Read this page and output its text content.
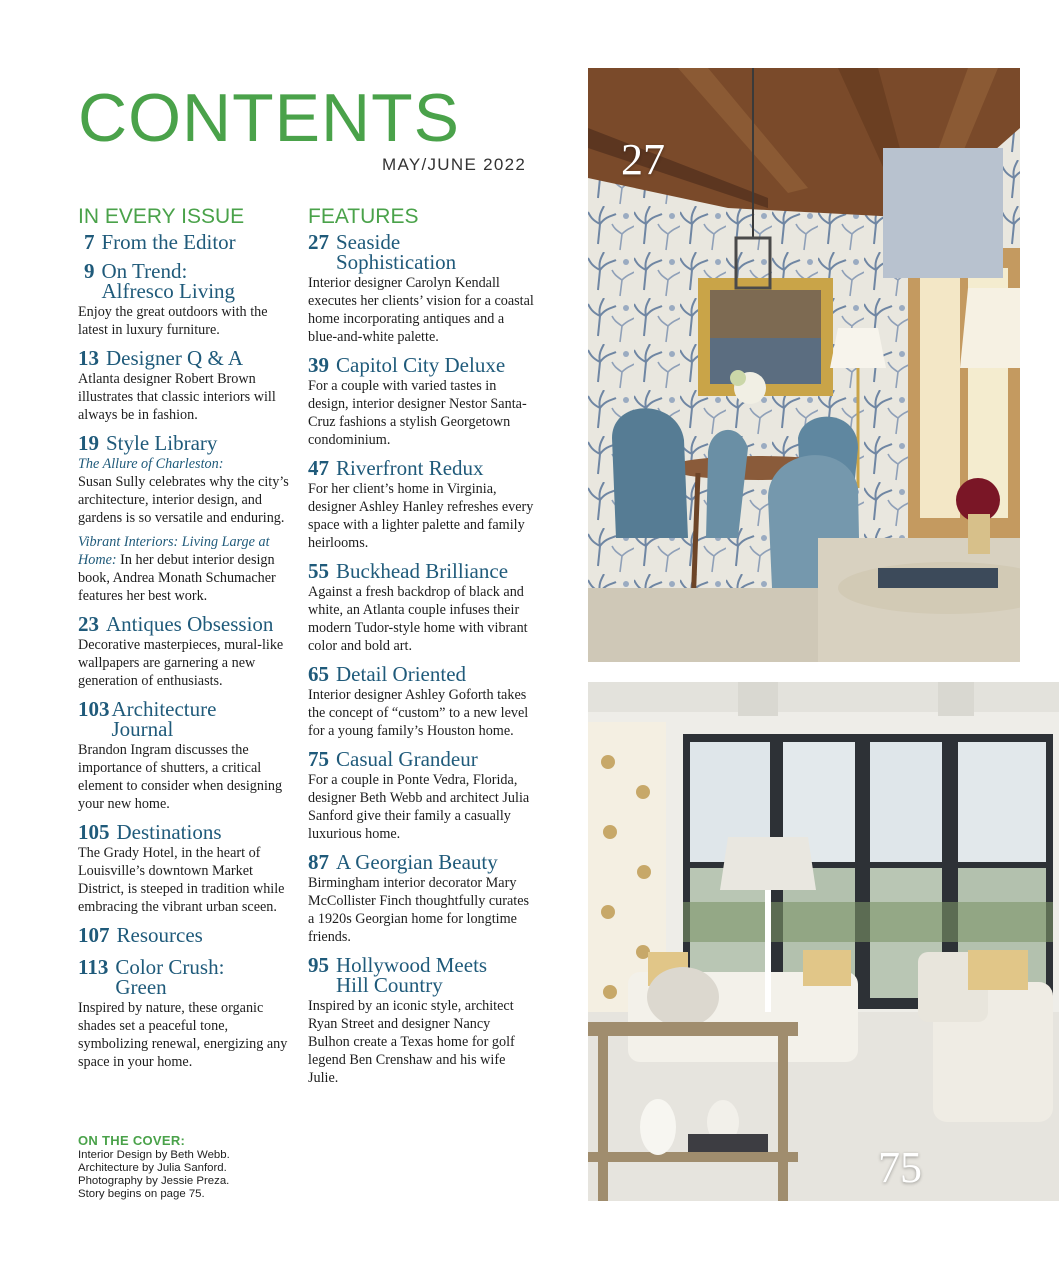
CONTENTS
MAY/JUNE 2022
IN EVERY ISSUE
7 From the Editor
9 On Trend: Alfresco Living

Enjoy the great outdoors with the latest in luxury furniture.

13 Designer Q & A

Atlanta designer Robert Brown illustrates that classic interiors will always be in fashion.

19 Style Library

The Allure of Charleston:
Susan Sully celebrates why the city’s architecture, interior design, and gardens is so versatile and enduring.

Vibrant Interiors: Living Large at Home: In her debut interior design book, Andrea Monath Schumacher features her best work.

23 Antiques Obsession

Decorative masterpieces, mural-like wallpapers are garnering a new generation of enthusiasts.

103 Architecture Journal

Brandon Ingram discusses the importance of shutters, a critical element to consider when designing your new home.

105 Destinations

The Grady Hotel, in the heart of Louisville’s downtown Market District, is steeped in tradition while embracing the vibrant urban sceen.

107 Resources
113 Color Crush: Green

Inspired by nature, these organic shades set a peaceful tone, symbolizing renewal, energizing any space in your home.

ON THE COVER:
Interior Design by Beth Webb.
Architecture by Julia Sanford.
Photography by Jessie Preza.
Story begins on page 75.
FEATURES
27 Seaside Sophistication

Interior designer Carolyn Kendall executes her clients’ vision for a coastal home incorporating antiques and a blue-and-white palette.

39 Capitol City Deluxe

For a couple with varied tastes in design, interior designer Nestor Santa-Cruz fashions a stylish Georgetown condominium.

47 Riverfront Redux

For her client’s home in Virginia, designer Ashley Hanley refreshes every space with a lighter palette and family heirlooms.

55 Buckhead Brilliance

Against a fresh backdrop of black and white, an Atlanta couple infuses their modern Tudor-style home with vibrant color and bold art.

65 Detail Oriented

Interior designer Ashley Goforth takes the concept of “custom” to a new level for a young family’s Houston home.

75 Casual Grandeur

For a couple in Ponte Vedra, Florida, designer Beth Webb and architect Julia Sanford give their family a casually luxurious home.

87 A Georgian Beauty

Birmingham interior decorator Mary McCollister Finch thoughtfully curates a 1920s Georgian home for longtime friends.

95 Hollywood Meets Hill Country

Inspired by an iconic style, architect Ryan Street and designer Nancy Bulhon create a Texas home for golf legend Ben Crenshaw and his wife Julie.

27
75
